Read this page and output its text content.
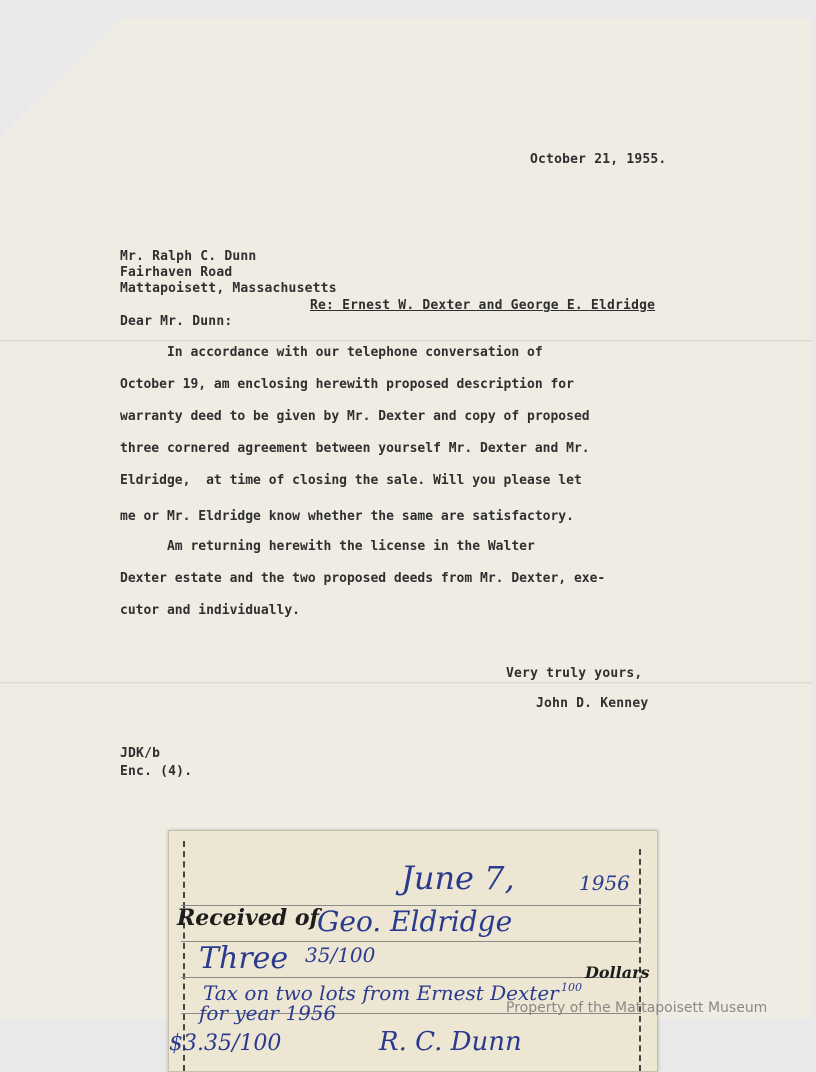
October 21, 1955.
Mr. Ralph C. Dunn
Fairhaven Road
Mattapoisett, Massachusetts
Re: Ernest W. Dexter and George E. Eldridge
Dear Mr. Dunn:
In accordance with our telephone conversation of
October 19, am enclosing herewith proposed description for
warranty deed to be given by Mr. Dexter and copy of proposed
three cornered agreement between yourself Mr. Dexter and Mr.
Eldridge,  at time of closing the sale. Will you please let
me or Mr. Eldridge know whether the same are satisfactory.
Am returning herewith the license in the Walter
Dexter estate and the two proposed deeds from Mr. Dexter, exe-
cutor and individually.
Very truly yours,
John D. Kenney
JDK/b
Enc. (4).
June 7,	1956
Received of
Geo. Eldridge
Three 35/100
Dollars
100
Tax on two lots from Ernest Dexter
for year 1956
$3.35/100	R. C. Dunn
Property of the Mattapoisett Museum
